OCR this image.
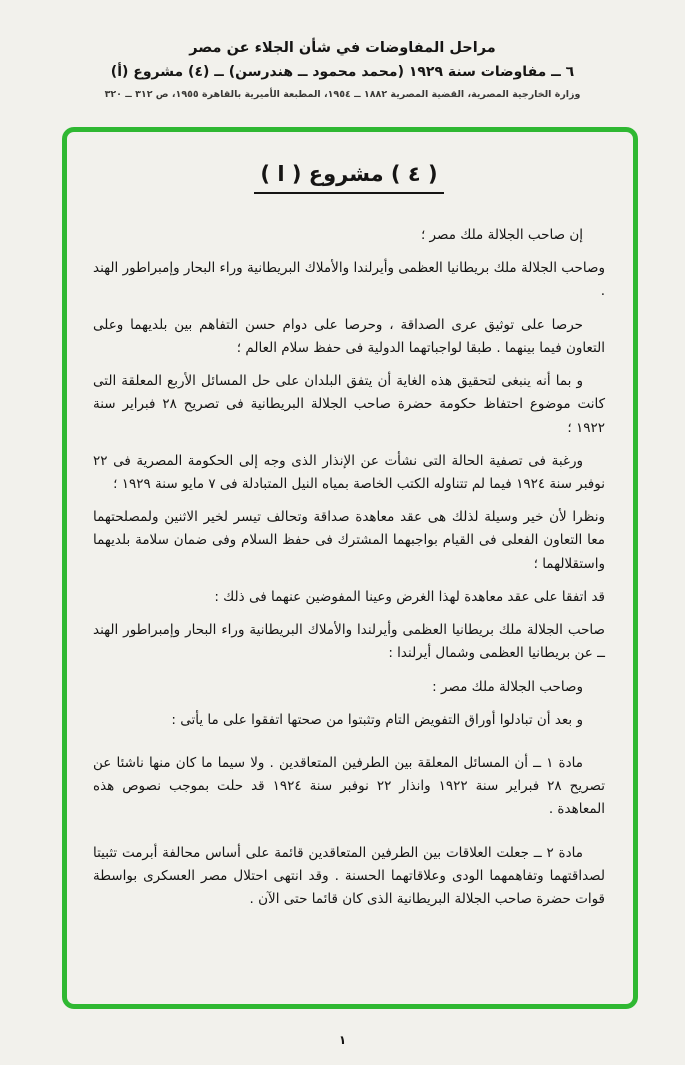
مراحل المفاوضات في شأن الجلاء عن مصر
٦ ــ مفاوضات سنة ١٩٢٩ (محمد محمود ــ هندرسن) ــ (٤) مشروع (أ)
وزارة الخارجية المصرية، القضية المصرية ١٨٨٢ ــ ١٩٥٤، المطبعة الأميرية بالقاهرة ١٩٥٥، ص ٣١٢ ــ ٣٢٠
( ٤ ) مشروع ( ا )

إن صاحب الجلالة ملك مصر ؛

وصاحب الجلالة ملك بريطانيا العظمى وأيرلندا والأملاك البريطانية وراء البحار وإمبراطور الهند .

حرصا على توثيق عرى الصداقة ، وحرصا على دوام حسن التفاهم بين بلديهما وعلى التعاون فيما بينهما . طبقا لواجباتهما الدولية فى حفظ سلام العالم ؛

و بما أنه ينبغى لتحقيق هذه الغاية أن يتفق البلدان على حل المسائل الأربع المعلقة التى كانت موضوع احتفاظ حكومة حضرة صاحب الجلالة البريطانية فى تصريح ٢٨ فبراير سنة ١٩٢٢ ؛

ورغبة فى تصفية الحالة التى نشأت عن الإنذار الذى وجه إلى الحكومة المصرية فى ٢٢ نوفبر سنة ١٩٢٤ فيما لم تتناوله الكتب الخاصة بمياه النيل المتبادلة فى ٧ مايو سنة ١٩٢٩ ؛

ونظرا لأن خير وسيلة لذلك هى عقد معاهدة صداقة وتحالف تيسر لخير الاثنين ولمصلحتهما معا التعاون الفعلى فى القيام بواجبهما المشترك فى حفظ السلام وفى ضمان سلامة بلديهما واستقلالهما ؛

قد اتفقا على عقد معاهدة لهذا الغرض وعينا المفوضين عنهما فى ذلك :

صاحب الجلالة ملك بريطانيا العظمى وأيرلندا والأملاك البريطانية وراء البحار وإمبراطور الهند ــ عن بريطانيا العظمى وشمال أيرلندا :

وصاحب الجلالة ملك مصر :

و بعد أن تبادلوا أوراق التفويض التام وتثبتوا من صحتها اتفقوا على ما يأتى :

مادة ١ ــ أن المسائل المعلقة بين الطرفين المتعاقدين . ولا سيما ما كان منها ناشئا عن تصريح ٢٨ فبراير سنة ١٩٢٢ وانذار ٢٢ نوفبر سنة ١٩٢٤ قد حلت بموجب نصوص هذه المعاهدة .

مادة ٢ ــ جعلت العلاقات بين الطرفين المتعاقدين قائمة على أساس محالفة أبرمت تثبيتا لصداقتهما وتفاهمهما الودى وعلاقاتهما الحسنة . وقد انتهى احتلال مصر العسكرى بواسطة قوات حضرة صاحب الجلالة البريطانية الذى كان قائما حتى الآن .

١
